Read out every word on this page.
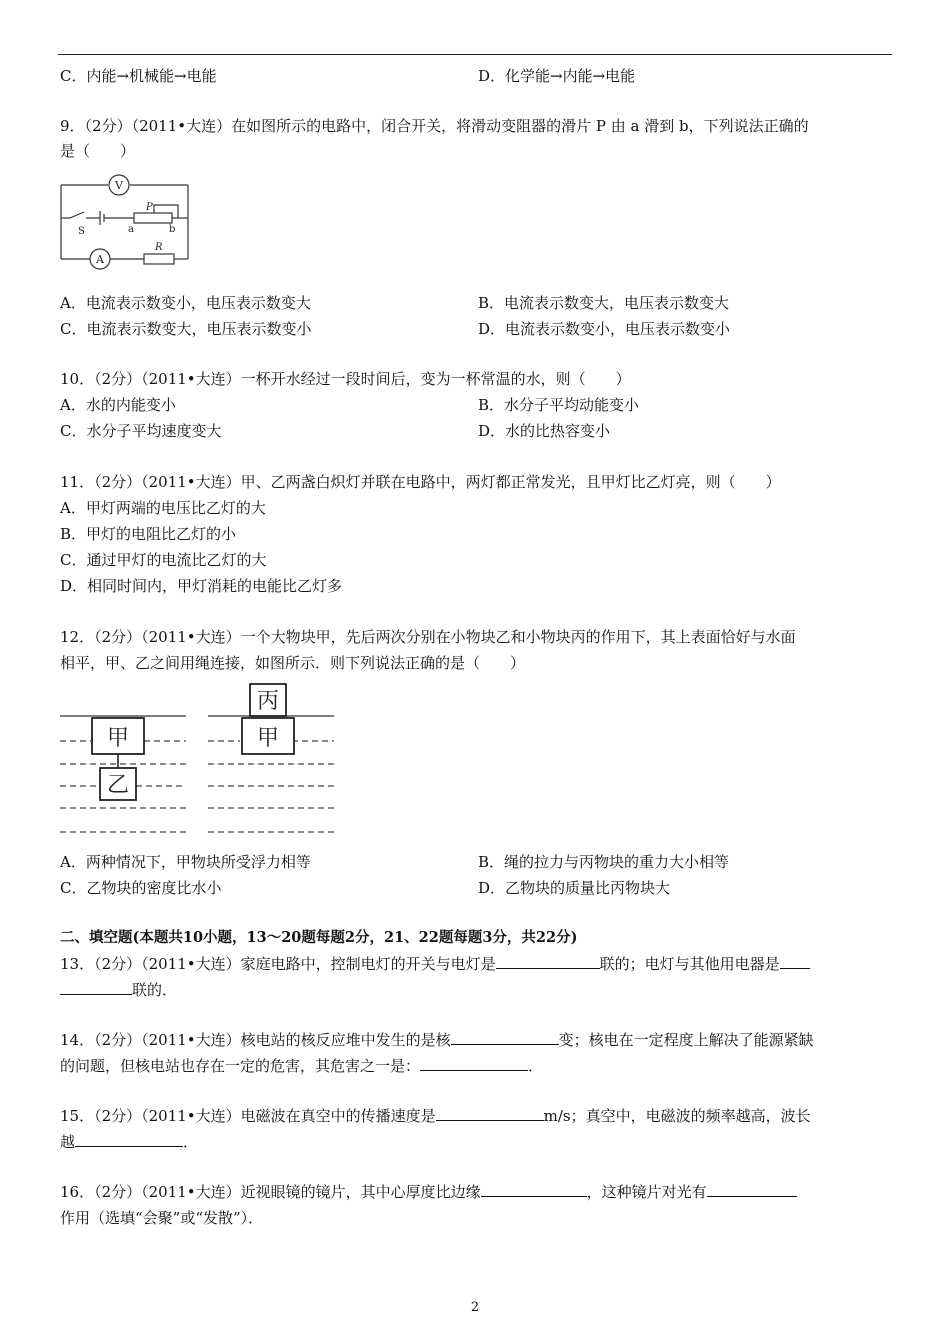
C．内能→机械能→电能	D．化学能→内能→电能
9．（2分）（2011•大连）在如图所示的电路中，闭合开关，将滑动变阻器的滑片 P 由 a 滑到 b，下列说法正确的
是（　　）
V
A
S
P
a	b
R
A．电流表示数变小，电压表示数变大	B．电流表示数变大，电压表示数变大
C．电流表示数变大，电压表示数变小	D．电流表示数变小，电压表示数变小
10．（2分）（2011•大连）一杯开水经过一段时间后，变为一杯常温的水，则（　　）
A．水的内能变小	B．水分子平均动能变小
C．水分子平均速度变大	D．水的比热容变小
11．（2分）（2011•大连）甲、乙两盏白炽灯并联在电路中，两灯都正常发光，且甲灯比乙灯亮，则（　　）
A．甲灯两端的电压比乙灯的大
B．甲灯的电阻比乙灯的小
C．通过甲灯的电流比乙灯的大
D．相同时间内，甲灯消耗的电能比乙灯多
12．（2分）（2011•大连）一个大物块甲，先后两次分别在小物块乙和小物块丙的作用下，其上表面恰好与水面
相平，甲、乙之间用绳连接，如图所示．则下列说法正确的是（　　）
甲
乙
丙
甲
A．两种情况下，甲物块所受浮力相等	B．绳的拉力与丙物块的重力大小相等
C．乙物块的密度比水小	D．乙物块的质量比丙物块大
二、填空题(本题共10小题，13～20题每题2分，21、22题每题3分，共22分)
13．（2分）（2011•大连）家庭电路中，控制电灯的开关与电灯是	联的；电灯与其他用电器是
联的．
14．（2分）（2011•大连）核电站的核反应堆中发生的是核	变；核电在一定程度上解决了能源紧缺
的问题，但核电站也存在一定的危害，其危害之一是：	．
15．（2分）（2011•大连）电磁波在真空中的传播速度是	m/s；真空中，电磁波的频率越高，波长
越	．
16．（2分）（2011•大连）近视眼镜的镜片，其中心厚度比边缘	，这种镜片对光有
作用（选填“会聚”或“发散”）．
2
